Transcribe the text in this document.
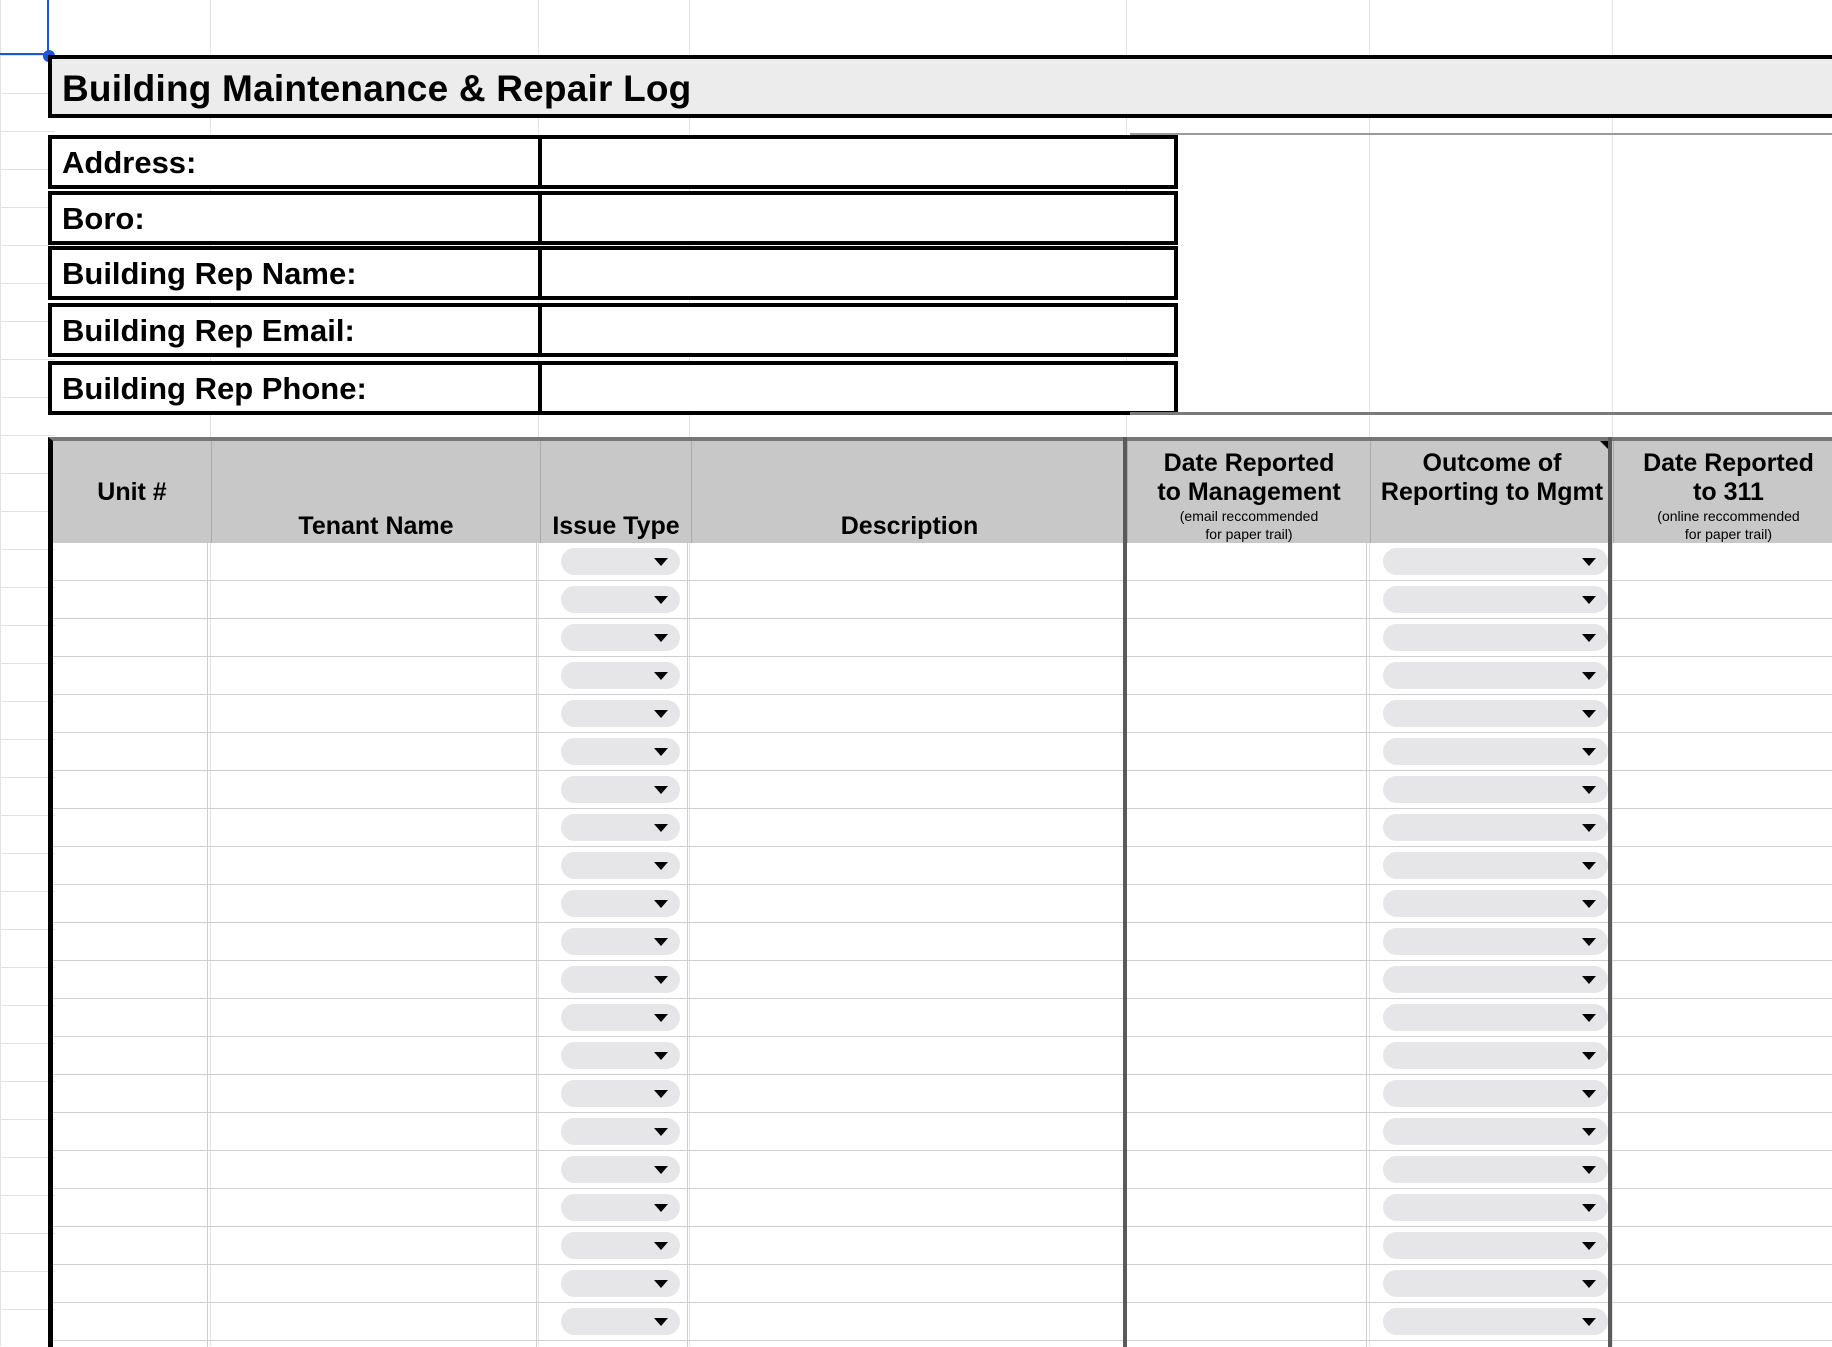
Building Maintenance & Repair Log
Address:
Boro:
Building Rep Name:
Building Rep Email:
Building Rep Phone:
Unit #
Tenant Name	Issue Type	Description
Date Reported
to Management
(email reccommended
for paper trail)
Outcome of
Reporting to Mgmt
Date Reported
to 311
(online reccommended
for paper trail)
